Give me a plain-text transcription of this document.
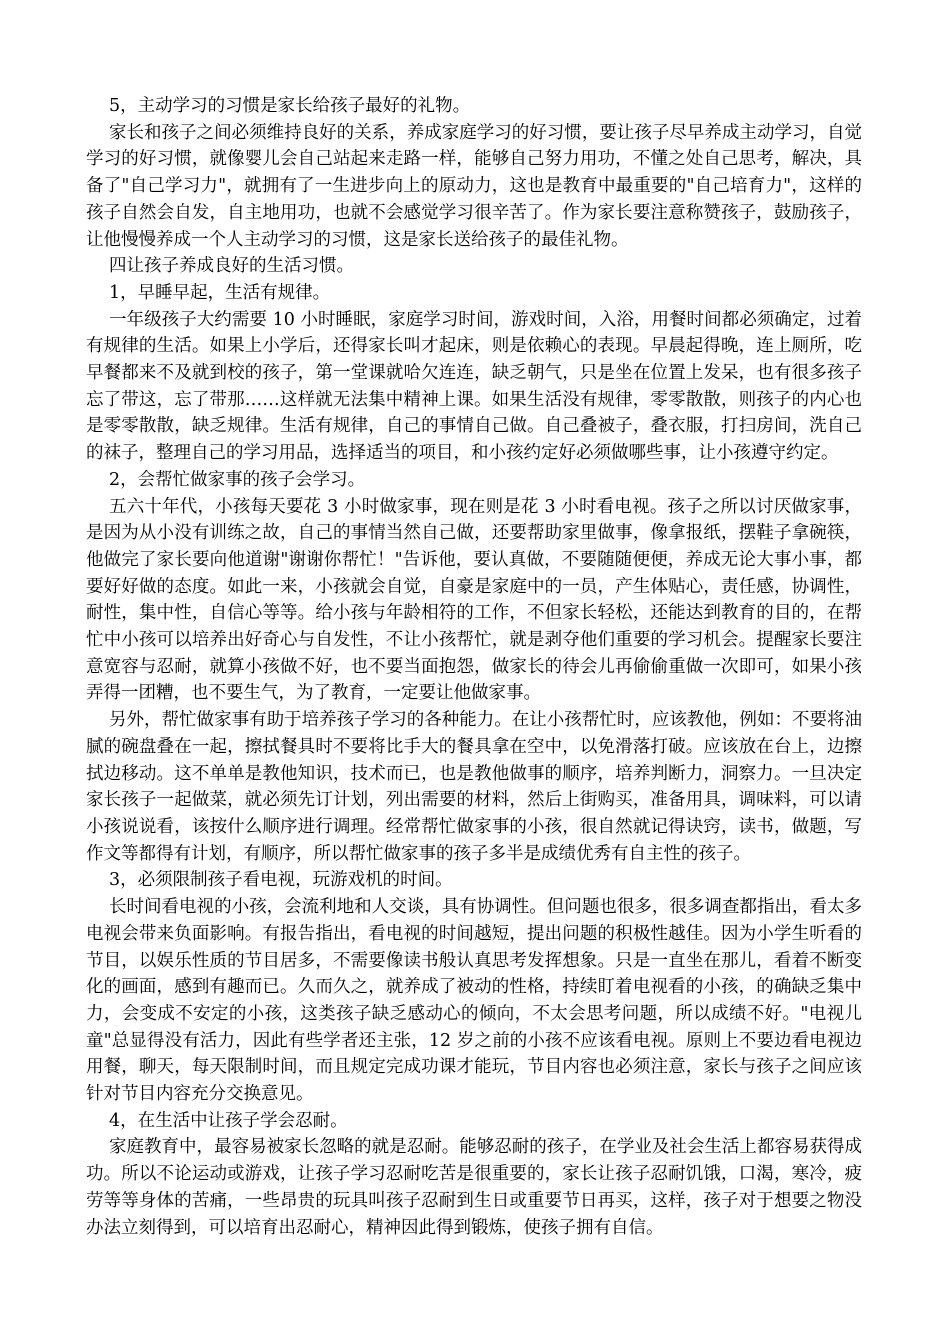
5，主动学习的习惯是家长给孩子最好的礼物。

家长和孩子之间必须维持良好的关系，养成家庭学习的好习惯，要让孩子尽早养成主动学习，自觉学习的好习惯，就像婴儿会自己站起来走路一样，能够自己努力用功，不懂之处自己思考，解决，具备了"自己学习力"，就拥有了一生进步向上的原动力，这也是教育中最重要的"自己培育力"，这样的孩子自然会自发，自主地用功，也就不会感觉学习很辛苦了。作为家长要注意称赞孩子，鼓励孩子，让他慢慢养成一个人主动学习的习惯，这是家长送给孩子的最佳礼物。

四让孩子养成良好的生活习惯。

1，早睡早起，生活有规律。

一年级孩子大约需要 10 小时睡眠，家庭学习时间，游戏时间，入浴，用餐时间都必须确定，过着有规律的生活。如果上小学后，还得家长叫才起床，则是依赖心的表现。早晨起得晚，连上厕所，吃早餐都来不及就到校的孩子，第一堂课就哈欠连连，缺乏朝气，只是坐在位置上发呆，也有很多孩子忘了带这，忘了带那……这样就无法集中精神上课。如果生活没有规律，零零散散，则孩子的内心也是零零散散，缺乏规律。生活有规律，自己的事情自己做。自己叠被子，叠衣服，打扫房间，洗自己的袜子，整理自己的学习用品，选择适当的项目，和小孩约定好必须做哪些事，让小孩遵守约定。

2，会帮忙做家事的孩子会学习。

五六十年代，小孩每天要花 3 小时做家事，现在则是花 3 小时看电视。孩子之所以讨厌做家事，是因为从小没有训练之故，自己的事情当然自己做，还要帮助家里做事，像拿报纸，摆鞋子拿碗筷，他做完了家长要向他道谢"谢谢你帮忙！"告诉他，要认真做，不要随随便便，养成无论大事小事，都要好好做的态度。如此一来，小孩就会自觉，自豪是家庭中的一员，产生体贴心，责任感，协调性，耐性，集中性，自信心等等。给小孩与年龄相符的工作，不但家长轻松，还能达到教育的目的，在帮忙中小孩可以培养出好奇心与自发性，不让小孩帮忙，就是剥夺他们重要的学习机会。提醒家长要注意宽容与忍耐，就算小孩做不好，也不要当面抱怨，做家长的待会儿再偷偷重做一次即可，如果小孩弄得一团糟，也不要生气，为了教育，一定要让他做家事。

另外，帮忙做家事有助于培养孩子学习的各种能力。在让小孩帮忙时，应该教他，例如：不要将油腻的碗盘叠在一起，擦拭餐具时不要将比手大的餐具拿在空中，以免滑落打破。应该放在台上，边擦拭边移动。这不单单是教他知识，技术而已，也是教他做事的顺序，培养判断力，洞察力。一旦决定家长孩子一起做菜，就必须先订计划，列出需要的材料，然后上街购买，准备用具，调味料，可以请小孩说说看，该按什么顺序进行调理。经常帮忙做家事的小孩，很自然就记得诀窍，读书，做题，写作文等都得有计划，有顺序，所以帮忙做家事的孩子多半是成绩优秀有自主性的孩子。

3，必须限制孩子看电视，玩游戏机的时间。

长时间看电视的小孩，会流利地和人交谈，具有协调性。但问题也很多，很多调查都指出，看太多电视会带来负面影响。有报告指出，看电视的时间越短，提出问题的积极性越佳。因为小学生听看的节目，以娱乐性质的节目居多，不需要像读书般认真思考发挥想象。只是一直坐在那儿，看着不断变化的画面，感到有趣而已。久而久之，就养成了被动的性格，持续盯着电视看的小孩，的确缺乏集中力，会变成不安定的小孩，这类孩子缺乏感动心的倾向，不太会思考问题，所以成绩不好。"电视儿童"总显得没有活力，因此有些学者还主张，12 岁之前的小孩不应该看电视。原则上不要边看电视边用餐，聊天，每天限制时间，而且规定完成功课才能玩，节目内容也必须注意，家长与孩子之间应该针对节目内容充分交换意见。

4，在生活中让孩子学会忍耐。

家庭教育中，最容易被家长忽略的就是忍耐。能够忍耐的孩子，在学业及社会生活上都容易获得成功。所以不论运动或游戏，让孩子学习忍耐吃苦是很重要的，家长让孩子忍耐饥饿，口渴，寒冷，疲劳等等身体的苦痛，一些昂贵的玩具叫孩子忍耐到生日或重要节日再买，这样，孩子对于想要之物没办法立刻得到，可以培育出忍耐心，精神因此得到锻炼，使孩子拥有自信。
